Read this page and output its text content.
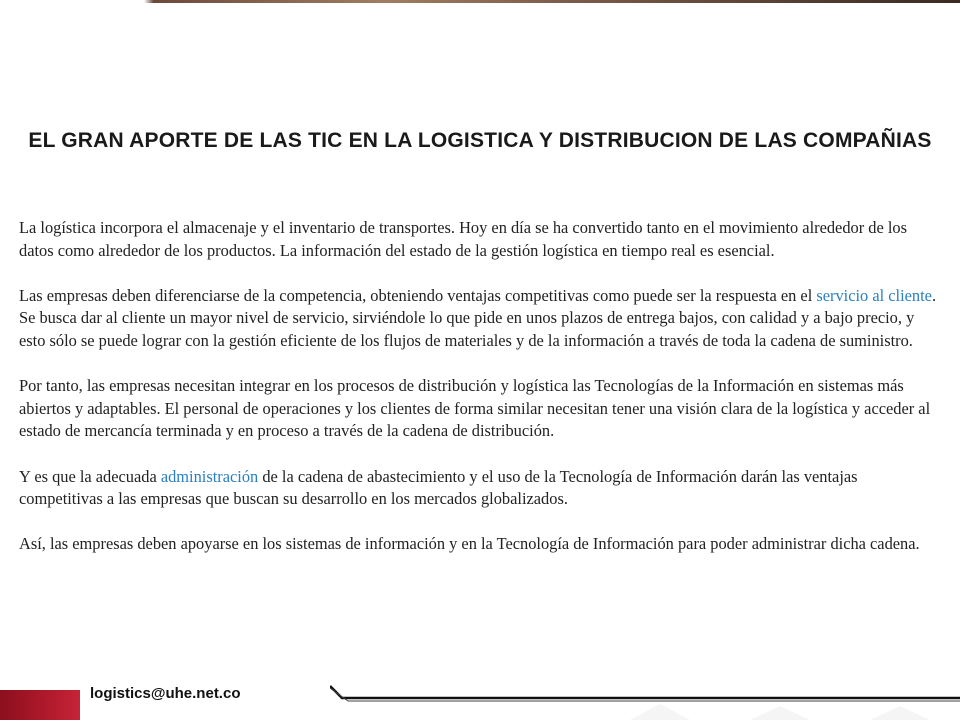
EL GRAN APORTE DE LAS TIC EN LA LOGISTICA Y DISTRIBUCION DE LAS COMPAÑIAS

La logística incorpora el almacenaje y el inventario de transportes. Hoy en día se ha convertido tanto en el movimiento alrededor de los datos como alrededor de los productos. La información del estado de la gestión logística en tiempo real es esencial.

Las empresas deben diferenciarse de la competencia, obteniendo ventajas competitivas como puede ser la respuesta en el servicio al cliente. Se busca dar al cliente un mayor nivel de servicio, sirviéndole lo que pide en unos plazos de entrega bajos, con calidad y a bajo precio, y esto sólo se puede lograr con la gestión eficiente de los flujos de materiales y de la información a través de toda la cadena de suministro.

Por tanto, las empresas necesitan integrar en los procesos de distribución y logística las Tecnologías de la Información en sistemas más abiertos y adaptables. El personal de operaciones y los clientes de forma similar necesitan tener una visión clara de la logística y acceder al estado de mercancía terminada y en proceso a través de la cadena de distribución.

Y es que la adecuada administración de la cadena de abastecimiento y el uso de la Tecnología de Información darán las ventajas competitivas a las empresas que buscan su desarrollo en los mercados globalizados.

Así, las empresas deben apoyarse en los sistemas de información y en la Tecnología de Información para poder administrar dicha cadena.

logistics@uhe.net.co
